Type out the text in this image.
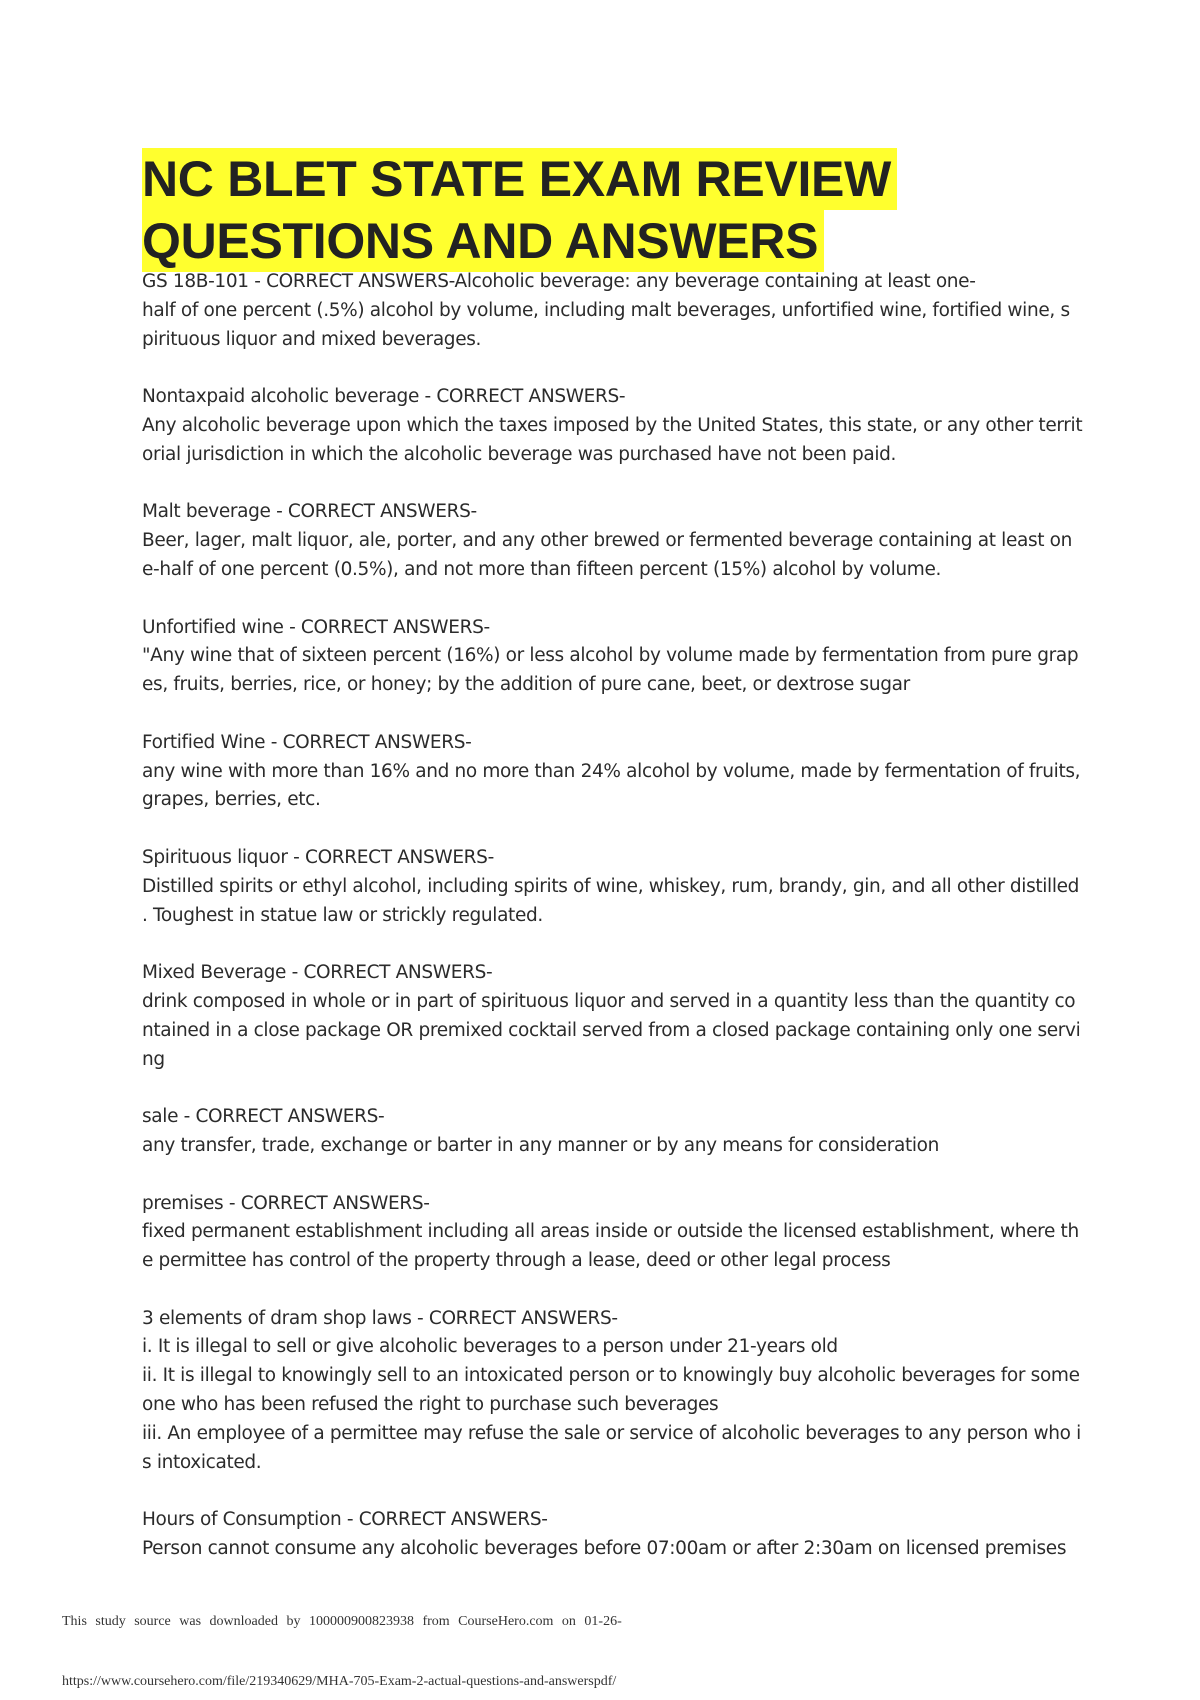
NC BLET STATE EXAM REVIEW
QUESTIONS AND ANSWERS
GS 18B-101 - CORRECT ANSWERS-Alcoholic beverage: any beverage containing at least one-
half of one percent (.5%) alcohol by volume, including malt beverages, unfortified wine, fortified wine, s
pirituous liquor and mixed beverages.
Nontaxpaid alcoholic beverage - CORRECT ANSWERS-
Any alcoholic beverage upon which the taxes imposed by the United States, this state, or any other territ
orial jurisdiction in which the alcoholic beverage was purchased have not been paid.
Malt beverage - CORRECT ANSWERS-
Beer, lager, malt liquor, ale, porter, and any other brewed or fermented beverage containing at least on
e-half of one percent (0.5%), and not more than fifteen percent (15%) alcohol by volume.
Unfortified wine - CORRECT ANSWERS-
"Any wine that of sixteen percent (16%) or less alcohol by volume made by fermentation from pure grap
es, fruits, berries, rice, or honey; by the addition of pure cane, beet, or dextrose sugar
Fortified Wine - CORRECT ANSWERS-
any wine with more than 16% and no more than 24% alcohol by volume, made by fermentation of fruits,
grapes, berries, etc.
Spirituous liquor - CORRECT ANSWERS-
Distilled spirits or ethyl alcohol, including spirits of wine, whiskey, rum, brandy, gin, and all other distilled
. Toughest in statue law or strickly regulated.
Mixed Beverage - CORRECT ANSWERS-
drink composed in whole or in part of spirituous liquor and served in a quantity less than the quantity co
ntained in a close package OR premixed cocktail served from a closed package containing only one servi
ng
sale - CORRECT ANSWERS-
any transfer, trade, exchange or barter in any manner or by any means for consideration
premises - CORRECT ANSWERS-
fixed permanent establishment including all areas inside or outside the licensed establishment, where th
e permittee has control of the property through a lease, deed or other legal process
3 elements of dram shop laws - CORRECT ANSWERS-
i. It is illegal to sell or give alcoholic beverages to a person under 21-years old
ii. It is illegal to knowingly sell to an intoxicated person or to knowingly buy alcoholic beverages for some
one who has been refused the right to purchase such beverages
iii. An employee of a permittee may refuse the sale or service of alcoholic beverages to any person who i
s intoxicated.
Hours of Consumption - CORRECT ANSWERS-
Person cannot consume any alcoholic beverages before 07:00am or after 2:30am on licensed premises
This study source was downloaded by 100000900823938 from CourseHero.com on 01-26-
https://www.coursehero.com/file/219340629/MHA-705-Exam-2-actual-questions-and-answerspdf/
